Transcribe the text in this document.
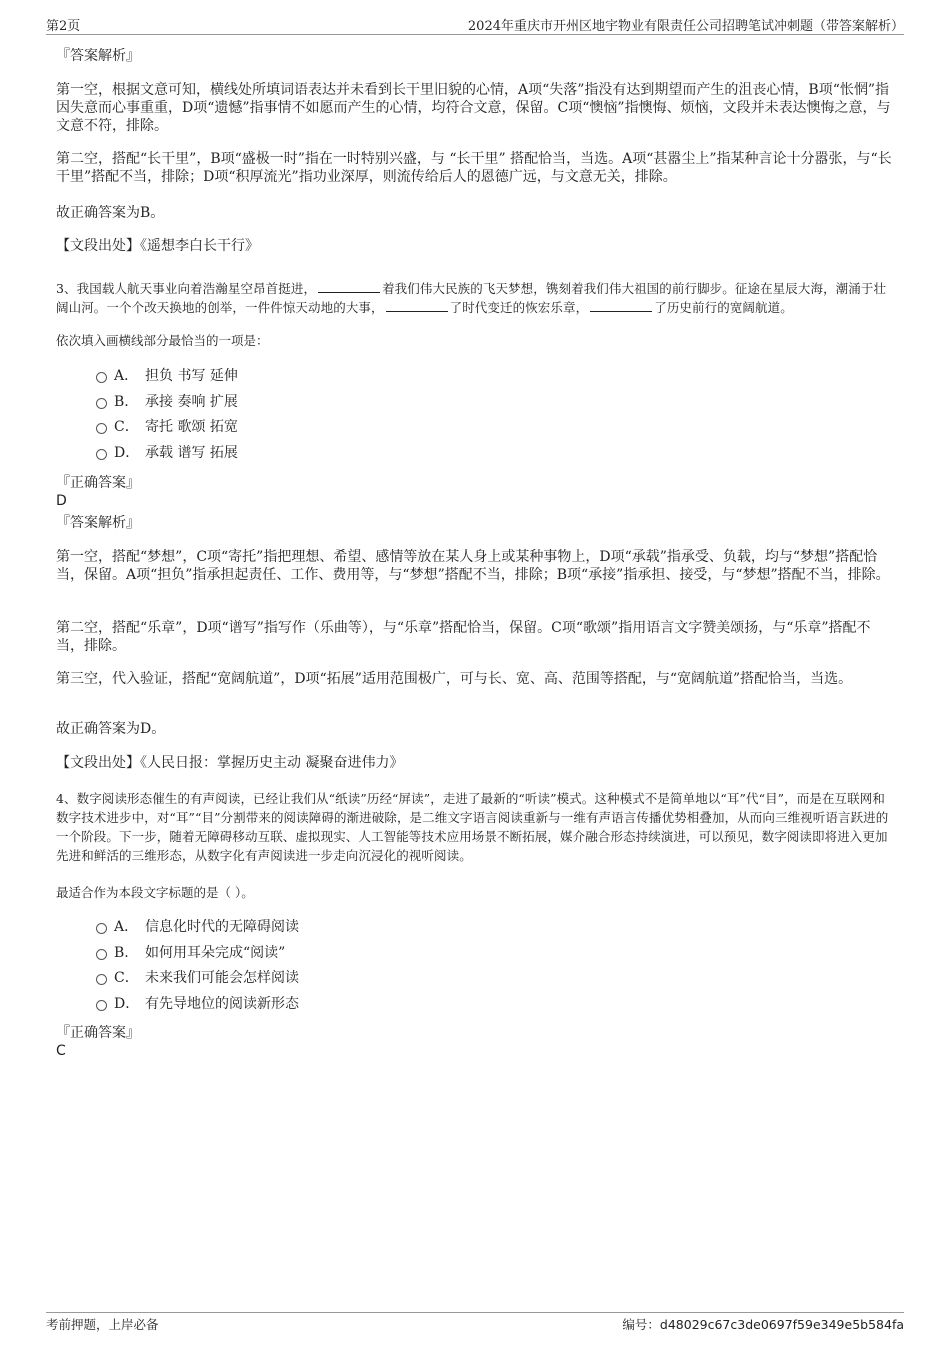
第2页	2024年重庆市开州区地宇物业有限责任公司招聘笔试冲刺题（带答案解析）
『答案解析』

第一空，根据文意可知，横线处所填词语表达并未看到长干里旧貌的心情，A项“失落”指没有达到期望而产生的沮丧心情，B项“怅惘”指因失意而心事重重，D项“遗憾”指事情不如愿而产生的心情，均符合文意，保留。C项“懊恼”指懊悔、烦恼，文段并未表达懊悔之意，与文意不符，排除。

第二空，搭配“长干里”，B项“盛极一时”指在一时特别兴盛，与 “长干里” 搭配恰当，当选。A项“甚嚣尘上”指某种言论十分嚣张，与“长干里”搭配不当，排除；D项“积厚流光”指功业深厚，则流传给后人的恩德广远，与文意无关，排除。

故正确答案为B。

【文段出处】《遥想李白长干行》

3、我国载人航天事业向着浩瀚星空昂首挺进，	着我们伟大民族的飞天梦想，镌刻着我们伟大祖国的前行脚步。征途在星辰大海，潮涌于壮阔山河。一个个改天换地的创举，一件件惊天动地的大事，	了时代变迁的恢宏乐章，	了历史前行的宽阔航道。

依次填入画横线部分最恰当的一项是：

A． 担负 书写 延伸
B. 承接 奏响 扩展
C． 寄托 歌颂 拓宽
D． 承载 谱写 拓展
『正确答案』
D
『答案解析』

第一空，搭配“梦想”，C项“寄托”指把理想、希望、感情等放在某人身上或某种事物上，D项“承载”指承受、负载，均与“梦想”搭配恰当，保留。A项“担负”指承担起责任、工作、费用等，与“梦想”搭配不当，排除；B项“承接”指承担、接受，与“梦想”搭配不当，排除。

第二空，搭配“乐章”，D项“谱写”指写作（乐曲等），与“乐章”搭配恰当，保留。C项“歌颂”指用语言文字赞美颂扬，与“乐章”搭配不当，排除。

第三空，代入验证，搭配“宽阔航道”，D项“拓展”适用范围极广，可与长、宽、高、范围等搭配，与“宽阔航道”搭配恰当，当选。

故正确答案为D。

【文段出处】《人民日报：掌握历史主动 凝聚奋进伟力》

4、数字阅读形态催生的有声阅读，已经让我们从“纸读”历经“屏读”，走进了最新的“听读”模式。这种模式不是简单地以“耳”代“目”，而是在互联网和数字技术进步中，对“耳”“目”分割带来的阅读障碍的渐进破除，是二维文字语言阅读重新与一维有声语言传播优势相叠加，从而向三维视听语言跃进的一个阶段。下一步，随着无障碍移动互联、虚拟现实、人工智能等技术应用场景不断拓展，媒介融合形态持续演进，可以预见，数字阅读即将进入更加先进和鲜活的三维形态，从数字化有声阅读进一步走向沉浸化的视听阅读。

最适合作为本段文字标题的是（ ）。

A． 信息化时代的无障碍阅读
B. 如何用耳朵完成“阅读”
C． 未来我们可能会怎样阅读
D． 有先导地位的阅读新形态
『正确答案』
C
考前押题，上岸必备	编号：d48029c67c3de0697f59e349e5b584fa
